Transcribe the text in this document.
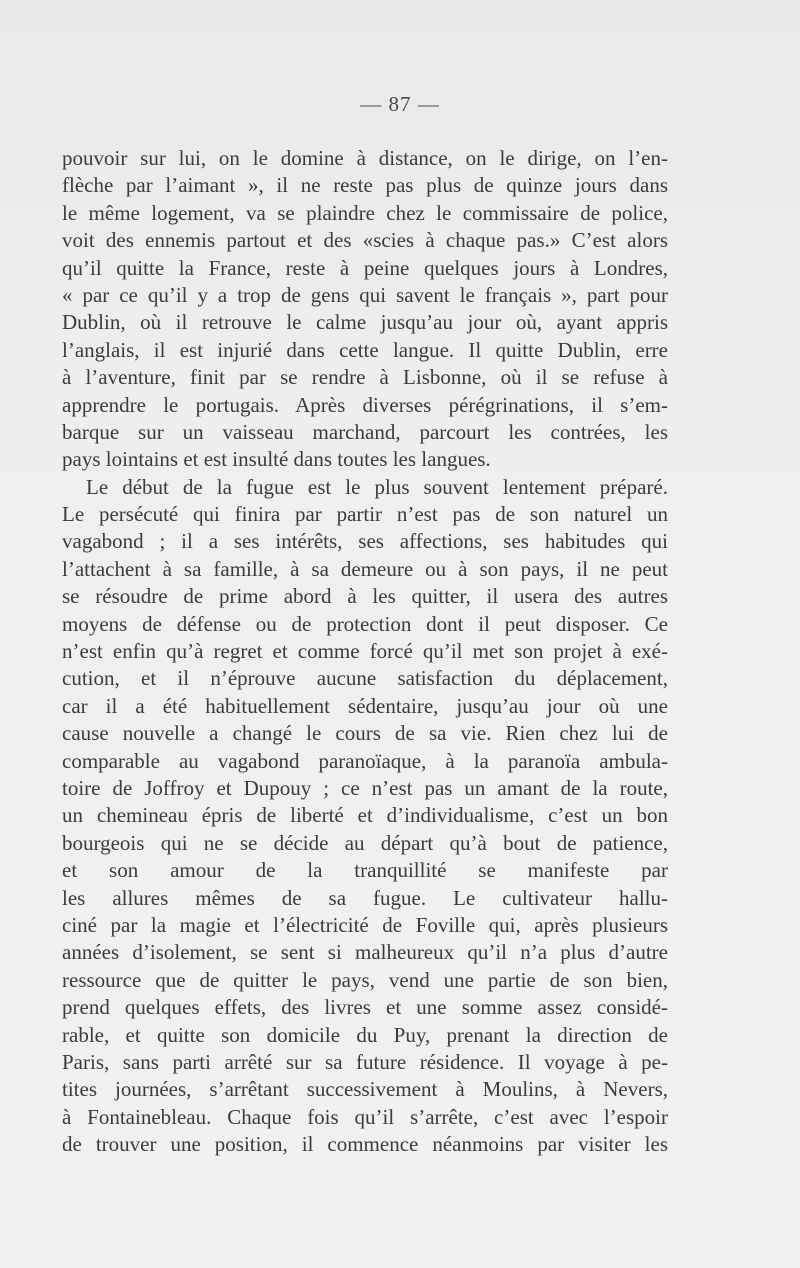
— 87 —

pouvoir sur lui, on le domine à distance, on le dirige, on l’en-
flèche par l’aimant », il ne reste pas plus de quinze jours dans
le même logement, va se plaindre chez le commissaire de police,
voit des ennemis partout et des «scies à chaque pas.» C’est alors
qu’il quitte la France, reste à peine quelques jours à Londres,
« par ce qu’il y a trop de gens qui savent le français », part pour
Dublin, où il retrouve le calme jusqu’au jour où, ayant appris
l’anglais, il est injurié dans cette langue. Il quitte Dublin, erre
à l’aventure, finit par se rendre à Lisbonne, où il se refuse à
apprendre le portugais. Après diverses pérégrinations, il s’em-
barque sur un vaisseau marchand, parcourt les contrées, les
pays lointains et est insulté dans toutes les langues.

Le début de la fugue est le plus souvent lentement préparé.
Le persécuté qui finira par partir n’est pas de son naturel un
vagabond ; il a ses intérêts, ses affections, ses habitudes qui
l’attachent à sa famille, à sa demeure ou à son pays, il ne peut
se résoudre de prime abord à les quitter, il usera des autres
moyens de défense ou de protection dont il peut disposer. Ce
n’est enfin qu’à regret et comme forcé qu’il met son projet à exé-
cution, et il n’éprouve aucune satisfaction du déplacement,
car il a été habituellement sédentaire, jusqu’au jour où une
cause nouvelle a changé le cours de sa vie. Rien chez lui de
comparable au vagabond paranoïaque, à la paranoïa ambula-
toire de Joffroy et Dupouy ; ce n’est pas un amant de la route,
un chemineau épris de liberté et d’individualisme, c’est un bon
bourgeois qui ne se décide au départ qu’à bout de patience,
et son amour de la tranquillité se manifeste par
les allures mêmes de sa fugue. Le cultivateur hallu-
ciné par la magie et l’électricité de Foville qui, après plusieurs
années d’isolement, se sent si malheureux qu’il n’a plus d’autre
ressource que de quitter le pays, vend une partie de son bien,
prend quelques effets, des livres et une somme assez considé-
rable, et quitte son domicile du Puy, prenant la direction de
Paris, sans parti arrêté sur sa future résidence. Il voyage à pe-
tites journées, s’arrêtant successivement à Moulins, à Nevers,
à Fontainebleau. Chaque fois qu’il s’arrête, c’est avec l’espoir
de trouver une position, il commence néanmoins par visiter les
